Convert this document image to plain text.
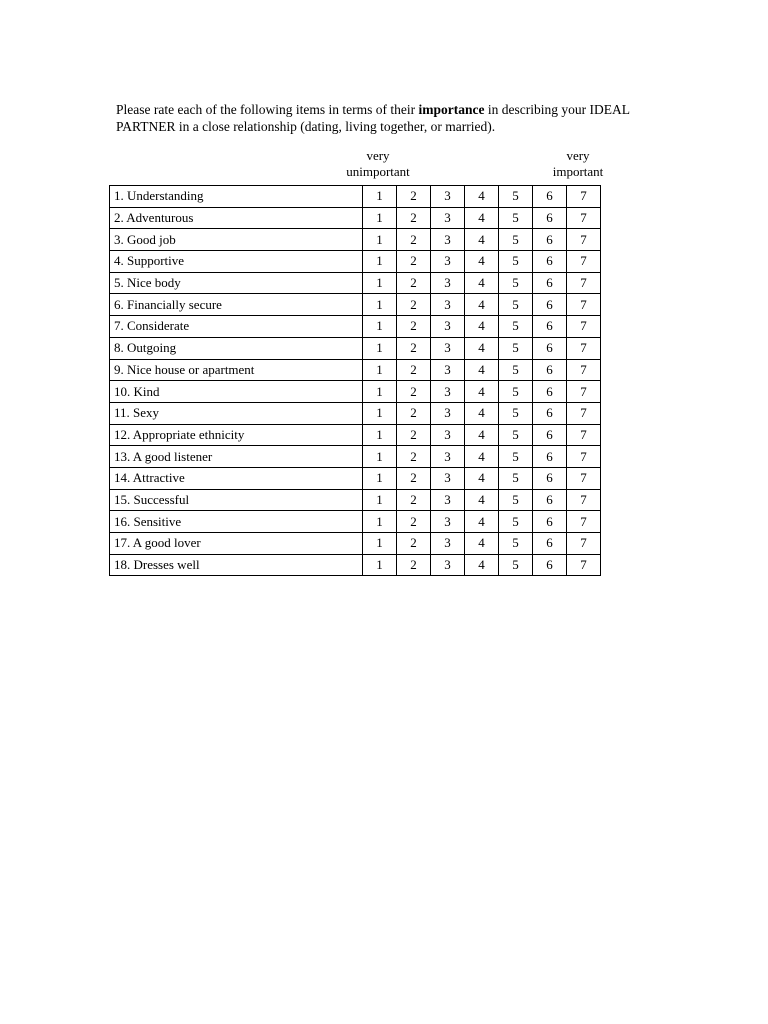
Please rate each of the following items in terms of their importance in describing your IDEAL PARTNER in a close relationship (dating, living together, or married).
very
unimportant
very
important
1. Understanding	1	2	3	4	5	6	7
2. Adventurous	1	2	3	4	5	6	7
3. Good job	1	2	3	4	5	6	7
4. Supportive	1	2	3	4	5	6	7
5. Nice body	1	2	3	4	5	6	7
6. Financially secure	1	2	3	4	5	6	7
7. Considerate	1	2	3	4	5	6	7
8. Outgoing	1	2	3	4	5	6	7
9. Nice house or apartment	1	2	3	4	5	6	7
10. Kind	1	2	3	4	5	6	7
11. Sexy	1	2	3	4	5	6	7
12. Appropriate ethnicity	1	2	3	4	5	6	7
13. A good listener	1	2	3	4	5	6	7
14. Attractive	1	2	3	4	5	6	7
15. Successful	1	2	3	4	5	6	7
16. Sensitive	1	2	3	4	5	6	7
17. A good lover	1	2	3	4	5	6	7
18. Dresses well	1	2	3	4	5	6	7
